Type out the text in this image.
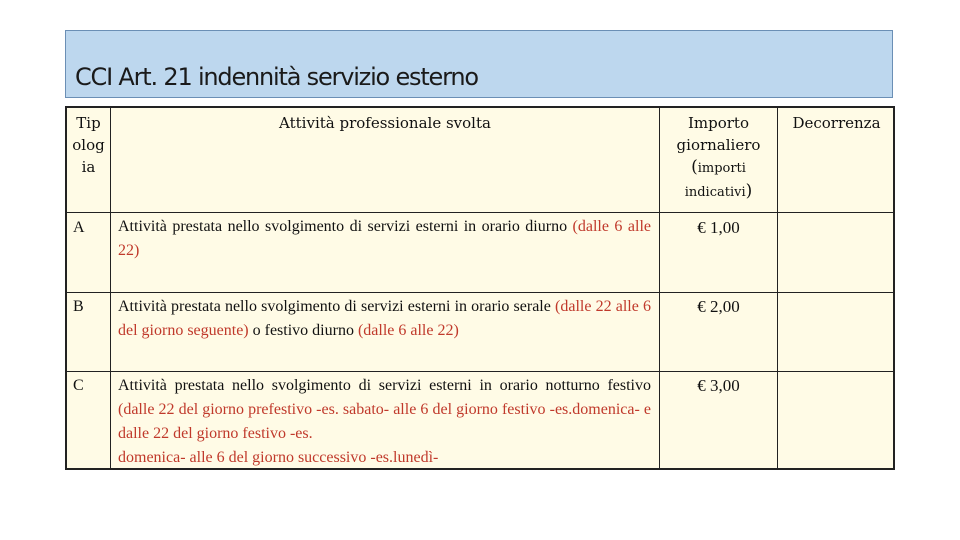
CCI Art. 21 indennità servizio esterno
Tip
olog
ia
Attività professionale svolta	Importo
giornaliero
(importi
indicativi)
Decorrenza
A Attività prestata nello svolgimento di servizi esterni in orario diurno (dalle 6 alle 22)
€ 1,00
B Attività prestata nello svolgimento di servizi esterni in orario serale (dalle 22 alle 6 del giorno seguente) o festivo diurno (dalle 6 alle 22)
€ 2,00
C Attività prestata nello svolgimento di servizi esterni in orario notturno festivo (dalle 22 del giorno prefestivo -es. sabato- alle 6 del giorno festivo -es.domenica- e dalle 22 del giorno festivo -es.
domenica- alle 6 del giorno successivo -es.lunedì-
€ 3,00
